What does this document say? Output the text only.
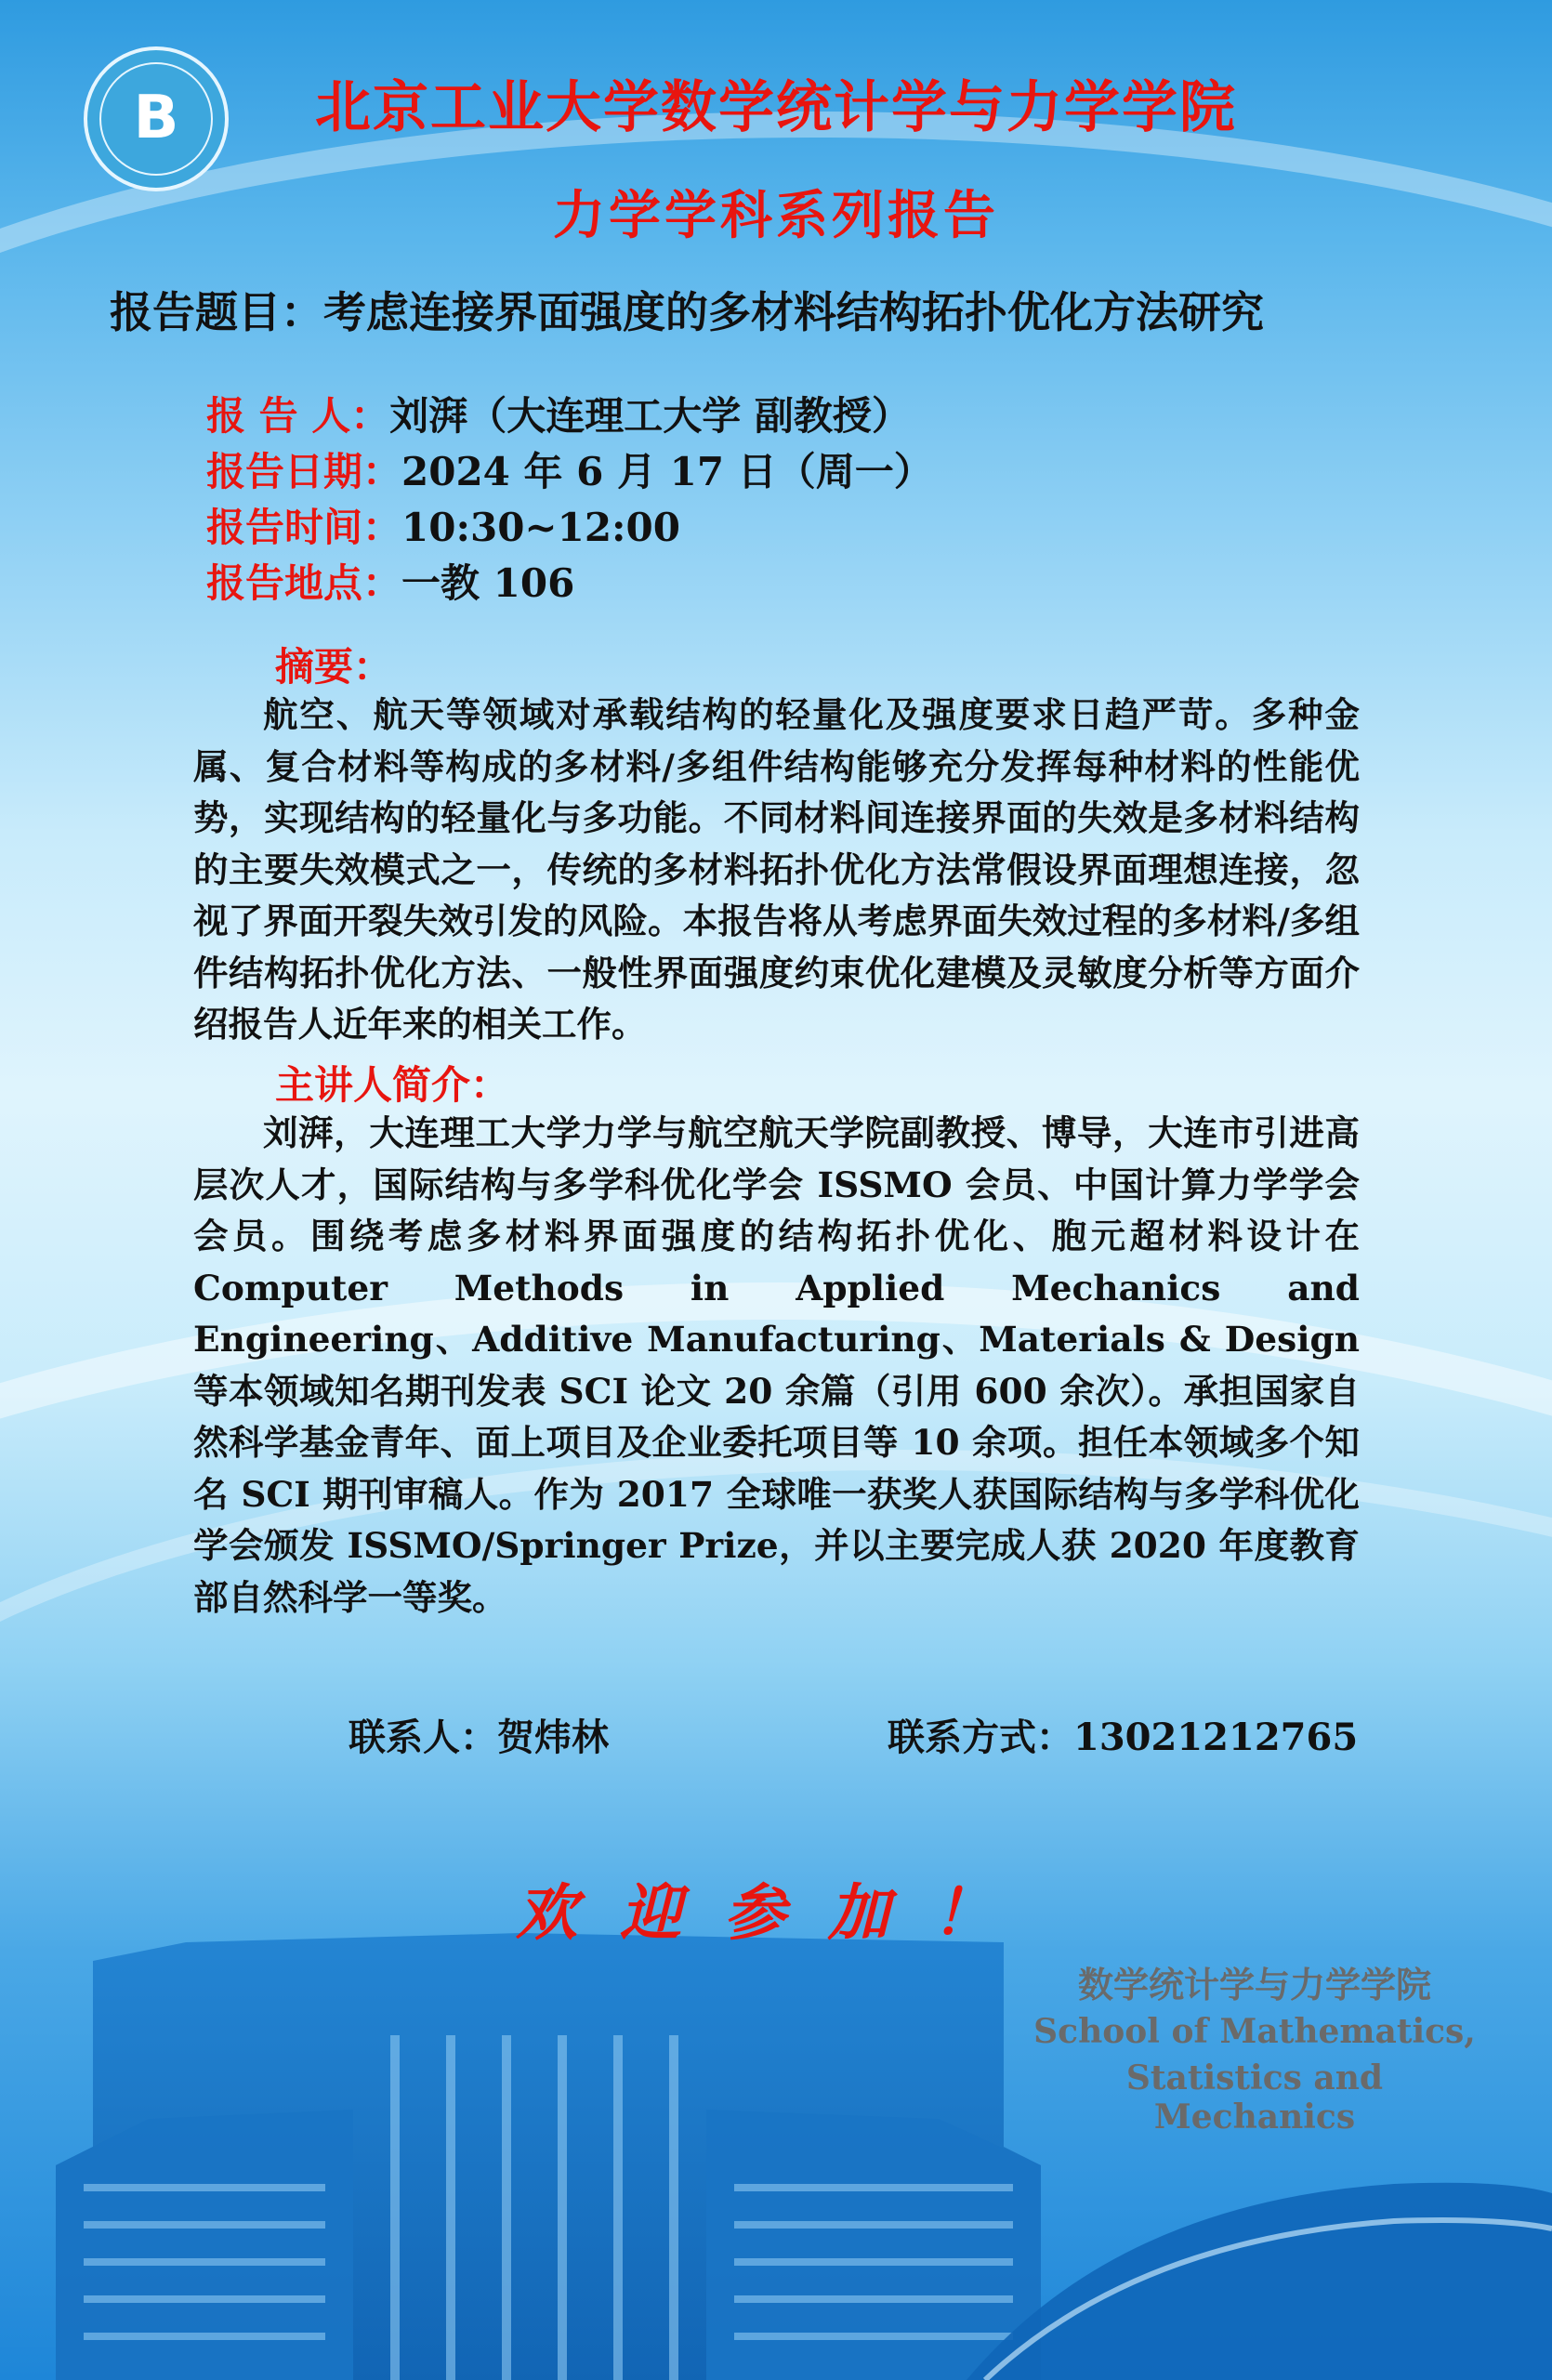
B	北京工业大学数学统计学与力学学院
力学学科系列报告
报告题目：考虑连接界面强度的多材料结构拓扑优化方法研究
报 告 人：刘湃（大连理工大学 副教授）
报告日期：2024 年 6 月 17 日（周一）
报告时间：10:30~12:00
报告地点：一教 106
摘要：

航空、航天等领域对承载结构的轻量化及强度要求日趋严苛。多种金属、复合材料等构成的多材料/多组件结构能够充分发挥每种材料的性能优势，实现结构的轻量化与多功能。不同材料间连接界面的失效是多材料结构的主要失效模式之一，传统的多材料拓扑优化方法常假设界面理想连接，忽视了界面开裂失效引发的风险。本报告将从考虑界面失效过程的多材料/多组件结构拓扑优化方法、一般性界面强度约束优化建模及灵敏度分析等方面介绍报告人近年来的相关工作。

主讲人简介：

刘湃，大连理工大学力学与航空航天学院副教授、博导，大连市引进高层次人才，国际结构与多学科优化学会 ISSMO 会员、中国计算力学学会会员。围绕考虑多材料界面强度的结构拓扑优化、胞元超材料设计在 Computer Methods in Applied Mechanics and Engineering、Additive Manufacturing、Materials & Design 等本领域知名期刊发表 SCI 论文 20 余篇（引用 600 余次）。承担国家自然科学基金青年、面上项目及企业委托项目等 10 余项。担任本领域多个知名 SCI 期刊审稿人。作为 2017 全球唯一获奖人获国际结构与多学科优化学会颁发 ISSMO/Springer Prize，并以主要完成人获 2020 年度教育部自然科学一等奖。

联系人：贺炜林	联系方式：13021212765
欢迎参加！
数学统计学与力学学院
School of Mathematics,
Statistics and Mechanics
